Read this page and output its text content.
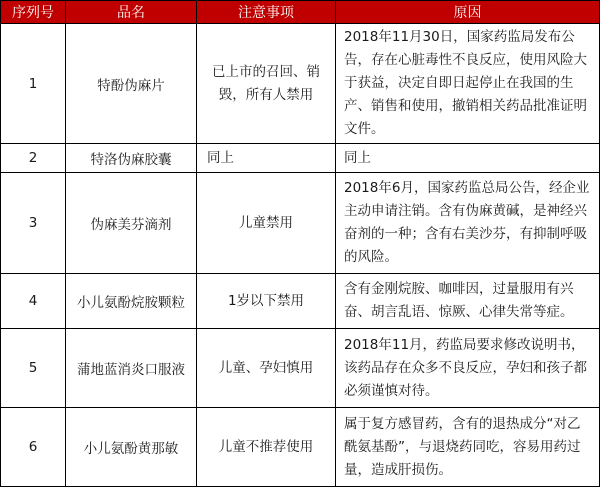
序列号	品名	注意事项	原因
1	特酚伪麻片	已上市的召回、销毁，所有人禁用	2018年11月30日，国家药监局发布公告，存在心脏毒性不良反应，使用风险大于获益，决定自即日起停止在我国的生产、销售和使用，撤销相关药品批准证明文件。
2	特洛伪麻胶囊	同上	同上
3	伪麻美芬滴剂	儿童禁用	2018年6月，国家药监总局公告，经企业主动申请注销。含有伪麻黄碱，是神经兴奋剂的一种；含有右美沙芬，有抑制呼吸的风险。
4	小儿氨酚烷胺颗粒	1岁以下禁用	含有金刚烷胺、咖啡因，过量服用有兴奋、胡言乱语、惊厥、心律失常等症。
5	蒲地蓝消炎口服液	儿童、孕妇慎用	2018年11月，药监局要求修改说明书，该药品存在众多不良反应，孕妇和孩子都必须谨慎对待。
6	小儿氨酚黄那敏	儿童不推荐使用	属于复方感冒药，含有的退热成分“对乙酰氨基酚”，与退烧药同吃，容易用药过量，造成肝损伤。
